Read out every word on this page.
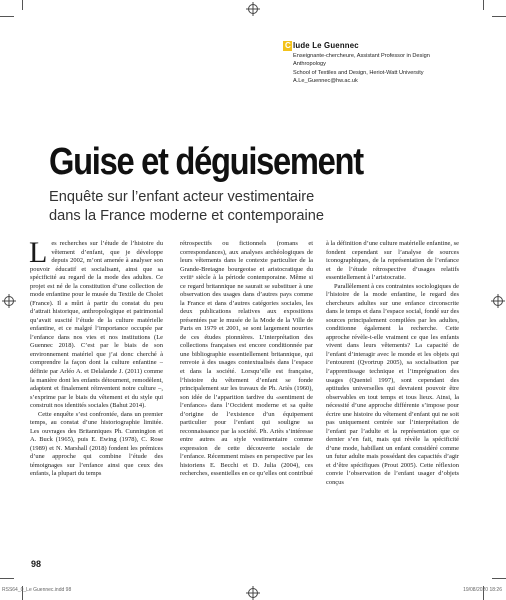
C lude Le Guennec
Enseignante-chercheure, Assistant Professor in Design
Anthropology
School of Textiles and Design, Heriot-Watt University
A.Le_Guennec@hw.ac.uk
Guise et déguisement
Enquête sur l’enfant acteur vestimentaire
dans la France moderne et contemporaine

Les recherches sur l’étude de l’histoire du vêtement d’enfant, que je développe depuis 2002, m’ont amenée à analyser son pouvoir éducatif et socialisant, ainsi que sa spécificité au regard de la mode des adultes. Ce projet est né de la constitution d’une collection de mode enfantine pour le musée du Textile de Cholet (France). Il a mûri à partir du constat du peu d’attrait historique, anthropologique et patrimonial qu’avait suscité l’étude de la culture matérielle enfantine, et ce malgré l’importance occupée par l’enfance dans nos vies et nos institutions (Le Guennec 2018). C’est par le biais de son environnement matériel que j’ai donc cherché à comprendre la façon dont la culture enfantine – définie par Arléo A. et Delalande J. (2011) comme la manière dont les enfants détournent, remodèlent, adaptent et finalement réinventent notre culture –, s’exprime par le biais du vêtement et du style qui construit nos identités sociales (Bahut 2014).

Cette enquête s’est confrontée, dans un premier temps, au constat d’une historiographie limitée. Les ouvrages des Britanniques Ph. Cunnington et A. Buck (1965), puis E. Ewing (1978), C. Rose (1989) et N. Marshall (2018) fondent les prémices d’une approche qui combine l’étude des témoignages sur l’enfance ainsi que ceux des enfants, la plupart du temps

rétrospectifs ou fictionnels (romans et correspondances), aux analyses archéologiques de leurs vêtements dans le contexte particulier de la Grande-Bretagne bourgeoise et aristocratique du xviiiᵉ siècle à la période contemporaine. Même si ce regard britannique ne saurait se substituer à une observation des usages dans d’autres pays comme la France et dans d’autres catégories sociales, les deux publications relatives aux expositions présentées par le musée de la Mode de la Ville de Paris en 1979 et 2001, se sont largement nourries de ces études pionnières. L’interprétation des collections françaises est encore conditionnée par une bibliographie essentiellement britannique, qui renvoie à des usages contextualisés dans l’espace et dans la société. Lorsqu’elle est française, l’histoire du vêtement d’enfant se fonde principalement sur les travaux de Ph. Ariès (1960), son idée de l’apparition tardive du «sentiment de l’enfance» dans l’Occident moderne et sa quête d’origine de l’existence d’un équipement particulier pour l’enfant qui souligne sa reconnaissance par la société. Ph. Ariès s’intéresse entre autres au style vestimentaire comme expression de cette découverte sociale de l’enfance. Récemment mises en perspective par les historiens E. Becchi et D. Julia (2004), ces recherches, essentielles en ce qu’elles ont contribué

à la définition d’une culture matérielle enfantine, se fondent cependant sur l’analyse de sources iconographiques, de la représentation de l’enfance et de l’étude rétrospective d’usages relatifs essentiellement à l’aristocratie.

Parallèlement à ces contraintes sociologiques de l’histoire de la mode enfantine, le regard des chercheurs adultes sur une enfance circonscrite dans le temps et dans l’espace social, fondé sur des sources principalement compilées par les adultes, conditionne également la recherche. Cette approche révèle-t-elle vraiment ce que les enfants vivent dans leurs vêtements? La capacité de l’enfant d’interagir avec le monde et les objets qui l’entourent (Qvortrup 2005), sa socialisation par l’apprentissage technique et l’imprégnation des usages (Quentel 1997), sont cependant des aptitudes universelles qui devraient pouvoir être observables en tout temps et tous lieux. Ainsi, la nécessité d’une approche différente s’impose pour écrire une histoire du vêtement d’enfant qui ne soit pas uniquement centrée sur l’interprétation de l’enfant par l’adulte et la représentation que ce dernier s’en fait, mais qui révèle la spécificité d’une mode, habillant un enfant considéré comme un futur adulte mais possédant des capacités d’agir et d’être spécifiques (Prout 2005). Cette réflexion convie l’observation de l’enfant usager d’objets conçus

98
RSS64_0_Le Guennec.indd 98	19/08/2020 18:26
